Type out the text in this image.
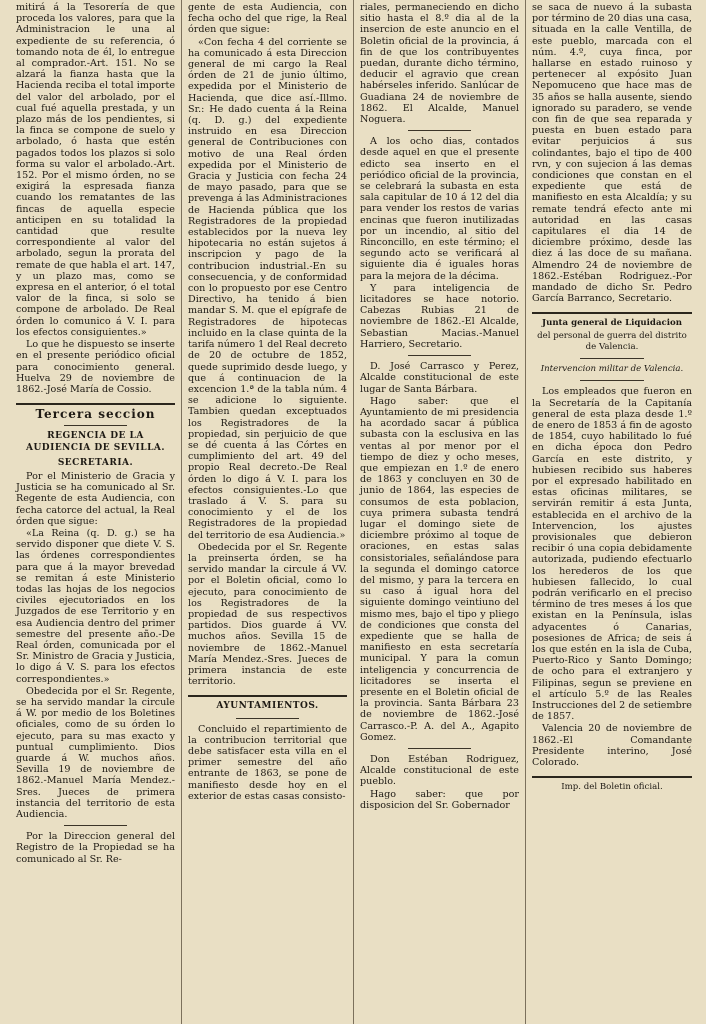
mitirá á la Tesorería de que proceda los valores, para que la Administracion le una al expediente de su referencia, ó tomando nota de él, lo entregue al comprador.-Art. 151. No se alzará la fianza hasta que la Hacienda reciba el total importe del valor del arbolado, por el cual fué aquella prestada, y un plazo más de los pendientes, si la finca se compone de suelo y arbolado, ó hasta que estén pagados todos los plazos si solo forma su valor el arbolado.-Art. 152. Por el mismo órden, no se exigirá la espresada fianza cuando los rematantes de las fincas de aquella especie anticipen en su totalidad la cantidad que resulte correspondiente al valor del arbolado, segun la prorata del remate de que habla el art. 147, y un plazo mas, como se expresa en el anterior, ó el total valor de la finca, si solo se compone de arbolado. De Real órden lo comunico á V. I. para los efectos consiguientes.»

Lo que he dispuesto se inserte en el presente periódico oficial para conocimiento general. Huelva 29 de noviembre de 1862.-José María de Cossio.

Tercera seccion
REGENCIA DE LA AUDIENCIA DE SEVILLA.
SECRETARIA.

Por el Ministerio de Gracia y Justicia se ha comunicado al Sr. Regente de esta Audiencia, con fecha catorce del actual, la Real órden que sigue:

«La Reina (q. D. g.) se ha servido disponer que diete V. S. las órdenes correspondientes para que á la mayor brevedad se remitan á este Ministerio todas las hojas de los negocios civiles ejecutoriados en los Juzgados de ese Territorio y en esa Audiencia dentro del primer semestre del presente año.-De Real órden, comunicada por el Sr. Ministro de Gracia y Justicia, lo digo á V. S. para los efectos correspondientes.»

Obedecida por el Sr. Regente, se ha servido mandar la circule á W. por medio de los Boletines oficiales, como de su órden lo ejecuto, para su mas exacto y puntual cumplimiento. Dios guarde á W. muchos años. Sevilla 19 de noviembre de 1862.-Manuel María Mendez.-Sres. Jueces de primera instancia del territorio de esta Audiencia.

Por la Direccion general del Registro de la Propiedad se ha comunicado al Sr. Re-

gente de esta Audiencia, con fecha ocho del que rige, la Real órden que sigue:

«Con fecha 4 del corriente se ha comunicado á esta Direccion general de mi cargo la Real órden de 21 de junio último, expedida por el Ministerio de Hacienda, que dice así.-Illmo. Sr.: He dado cuenta á la Reina (q. D. g.) del expediente instruido en esa Direccion general de Contribuciones con motivo de una Real órden expedida por el Ministerio de Gracia y Justicia con fecha 24 de mayo pasado, para que se prevenga á las Administraciones de Hacienda pública que los Registradores de la propiedad establecidos por la nueva ley hipotecaria no están sujetos á inscripcion y pago de la contribucion industrial.-En su consecuencia, y de conformidad con lo propuesto por ese Centro Directivo, ha tenido á bien mandar S. M. que el epígrafe de Registradores de hipotecas incluido en la clase quinta de la tarifa número 1 del Real decreto de 20 de octubre de 1852, quede suprimido desde luego, y que á continuacion de la excencion 1.ª de la tabla núm. 4 se adicione lo siguiente. Tambien quedan exceptuados los Registradores de la propiedad, sin perjuicio de que se dé cuenta á las Córtes en cumplimiento del art. 49 del propio Real decreto.-De Real órden lo digo á V. I. para los efectos consiguientes.-Lo que traslado á V. S. para su conocimiento y el de los Registradores de la propiedad del territorio de esa Audiencia.»

Obedecida por el Sr. Regente la preinserta órden, se ha servido mandar la circule á VV. por el Boletin oficial, como lo ejecuto, para conocimiento de los Registradores de la propiedad de sus respectivos partidos. Dios guarde á VV. muchos años. Sevilla 15 de noviembre de 1862.-Manuel María Mendez.-Sres. Jueces de primera instancia de este territorio.

AYUNTAMIENTOS.

Concluido el repartimiento de la contribucion territorial que debe satisfacer esta villa en el primer semestre del año entrante de 1863, se pone de manifiesto desde hoy en el exterior de estas casas consisto-

riales, permaneciendo en dicho sitio hasta el 8.º dia al de la insercion de este anuncio en el Boletin oficial de la provincia, á fin de que los contribuyentes puedan, durante dicho término, deducir el agravio que crean habérseles inferido. Sanlúcar de Guadiana 24 de noviembre de 1862. El Alcalde, Manuel Noguera.

A los ocho dias, contados desde aquel en que el presente edicto sea inserto en el periódico oficial de la provincia, se celebrará la subasta en esta sala capitular de 10 á 12 del dia para vender los restos de varias encinas que fueron inutilizadas por un incendio, al sitio del Rinconcillo, en este término; el segundo acto se verificará al siguiente dia é iguales horas para la mejora de la décima.

Y para inteligencia de licitadores se hace notorio. Cabezas Rubias 21 de noviembre de 1862.-El Alcalde, Sebastian Macias.-Manuel Harriero, Secretario.

D. José Carrasco y Perez, Alcalde constitucional de este lugar de Santa Bárbara.

Hago saber: que el Ayuntamiento de mi presidencia ha acordado sacar á pública subasta con la esclusiva en las ventas al por menor por el tiempo de diez y ocho meses, que empiezan en 1.º de enero de 1863 y concluyen en 30 de junio de 1864, las especies de consumos de esta poblacion, cuya primera subasta tendrá lugar el domingo siete de diciembre próximo al toque de oraciones, en estas salas consistoriales, señalándose para la segunda el domingo catorce del mismo, y para la tercera en su caso á igual hora del siguiente domingo veintiuno del mismo mes, bajo el tipo y pliego de condiciones que consta del expediente que se halla de manifiesto en esta secretaría municipal. Y para la comun inteligencia y concurrencia de licitadores se inserta el presente en el Boletin oficial de la provincia. Santa Bárbara 23 de noviembre de 1862.-José Carrasco.-P. A. del A., Agapito Gomez.

Don Estéban Rodriguez, Alcalde constitucional de este pueblo.

Hago saber: que por disposicion del Sr. Gobernador

se saca de nuevo á la subasta por término de 20 dias una casa, situada en la calle Ventilla, de este pueblo, marcada con el núm. 4.º, cuya finca, por hallarse en estado ruinoso y pertenecer al expósito Juan Nepomuceno que hace mas de 35 años se halla ausente, siendo ignorado su paradero, se vende con fin de que sea reparada y puesta en buen estado para evitar perjuicios á sus colindantes, bajo el tipo de 400 rvn, y con sujecion á las demas condiciones que constan en el expediente que está de manifiesto en esta Alcaldía; y su remate tendrá efecto ante mi autoridad en las casas capitulares el dia 14 de diciembre próximo, desde las diez á las doce de su mañana. Almendro 24 de noviembre de 1862.-Estéban Rodriguez.-Por mandado de dicho Sr. Pedro García Barranco, Secretario.

Junta general de Liquidacion
del personal de guerra del distrito de Valencia.
Intervencion militar de Valencia.

Los empleados que fueron en la Secretaría de la Capitanía general de esta plaza desde 1.º de enero de 1853 á fin de agosto de 1854, cuyo habilitado lo fué en dicha época don Pedro García en este distrito, y hubiesen recibido sus haberes por el expresado habilitado en estas oficinas militares, se servirán remitir á esta Junta, establecida en el archivo de la Intervencion, los ajustes provisionales que debieron recibir ó una copia debidamente autorizada, pudiendo efectuarlo los herederos de los que hubiesen fallecido, lo cual podrán verificarlo en el preciso término de tres meses á los que existan en la Península, islas adyacentes ó Canarias, posesiones de Africa; de seis á los que estén en la isla de Cuba, Puerto-Rico y Santo Domingo; de ocho para el extranjero y Filipinas, segun se previene en el artículo 5.º de las Reales Instrucciones del 2 de setiembre de 1857.

Valencia 20 de noviembre de 1862.-El Comandante Presidente interino, José Colorado.

Imp. del Boletin oficial.
